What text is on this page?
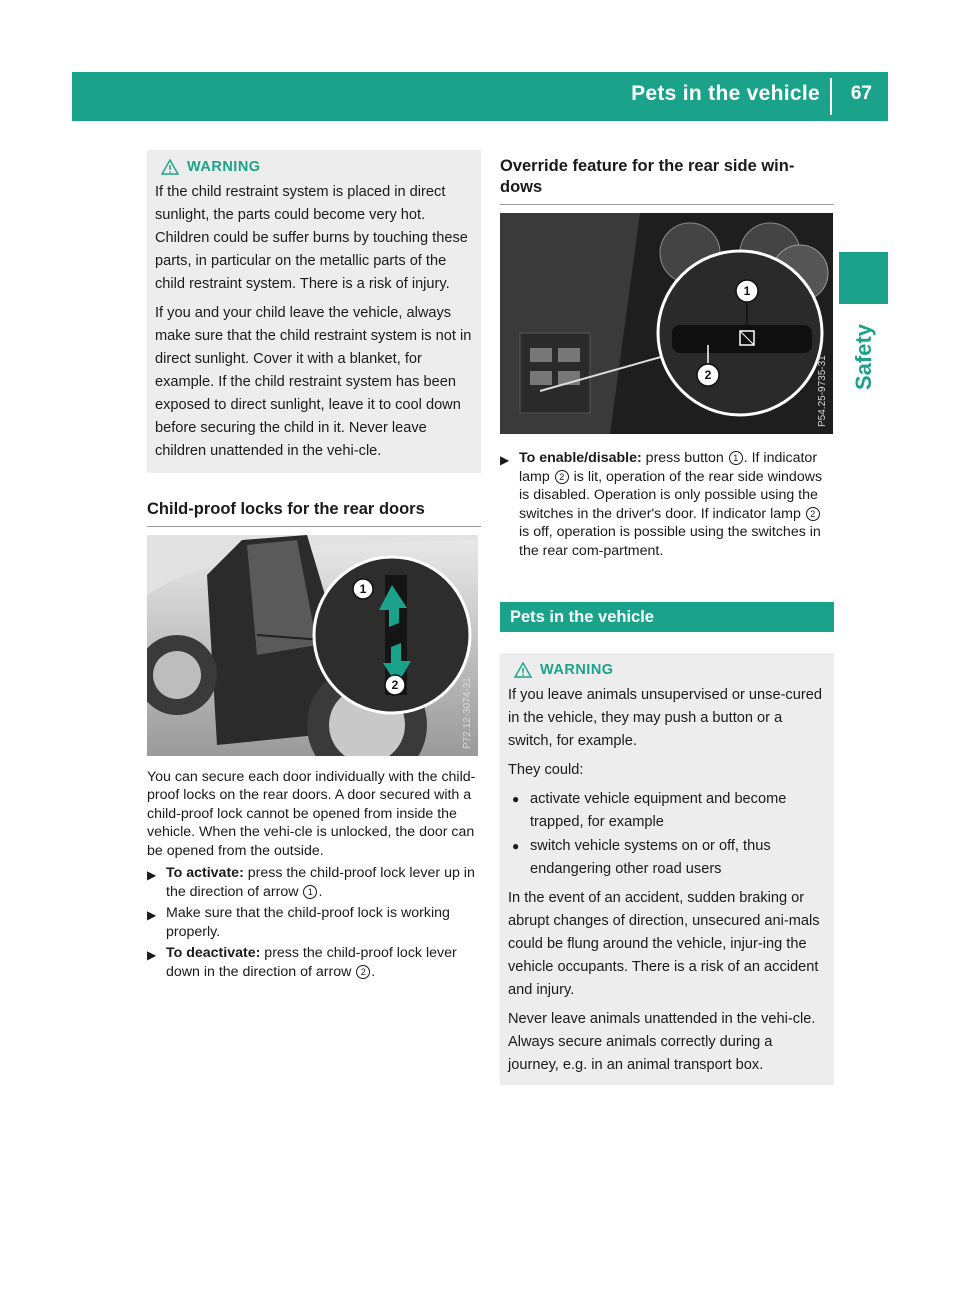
Pets in the vehicle 67
Safety
WARNING

If the child restraint system is placed in direct sunlight, the parts could become very hot. Children could be suffer burns by touching these parts, in particular on the metallic parts of the child restraint system. There is a risk of injury.

If you and your child leave the vehicle, always make sure that the child restraint system is not in direct sunlight. Cover it with a blanket, for example. If the child restraint system has been exposed to direct sunlight, leave it to cool down before securing the child in it. Never leave children unattended in the vehi-cle.

Child-proof locks for the rear doors
1
2	P72.12-3074-31

You can secure each door individually with the child-proof locks on the rear doors. A door secured with a child-proof lock cannot be opened from inside the vehicle. When the vehi-cle is unlocked, the door can be opened from the outside.

▶ To activate: press the child-proof lock lever up in the direction of arrow 1 .
▶ Make sure that the child-proof lock is working properly.
▶ To deactivate: press the child-proof lock lever down in the direction of arrow 2 .
Override feature for the rear side win-dows
1
2	P54.25-9735-31
▶ To enable/disable: press button 1 . If indicator lamp 2 is lit, operation of the rear side windows is disabled. Operation is only possible using the switches in the driver's door. If indicator lamp 2 is off, operation is possible using the switches in the rear com-partment.
Pets in the vehicle
WARNING

If you leave animals unsupervised or unse-cured in the vehicle, they may push a button or a switch, for example.

They could:

● activate vehicle equipment and become trapped, for example
● switch vehicle systems on or off, thus endangering other road users

In the event of an accident, sudden braking or abrupt changes of direction, unsecured ani-mals could be flung around the vehicle, injur-ing the vehicle occupants. There is a risk of an accident and injury.

Never leave animals unattended in the vehi-cle. Always secure animals correctly during a journey, e.g. in an animal transport box.
